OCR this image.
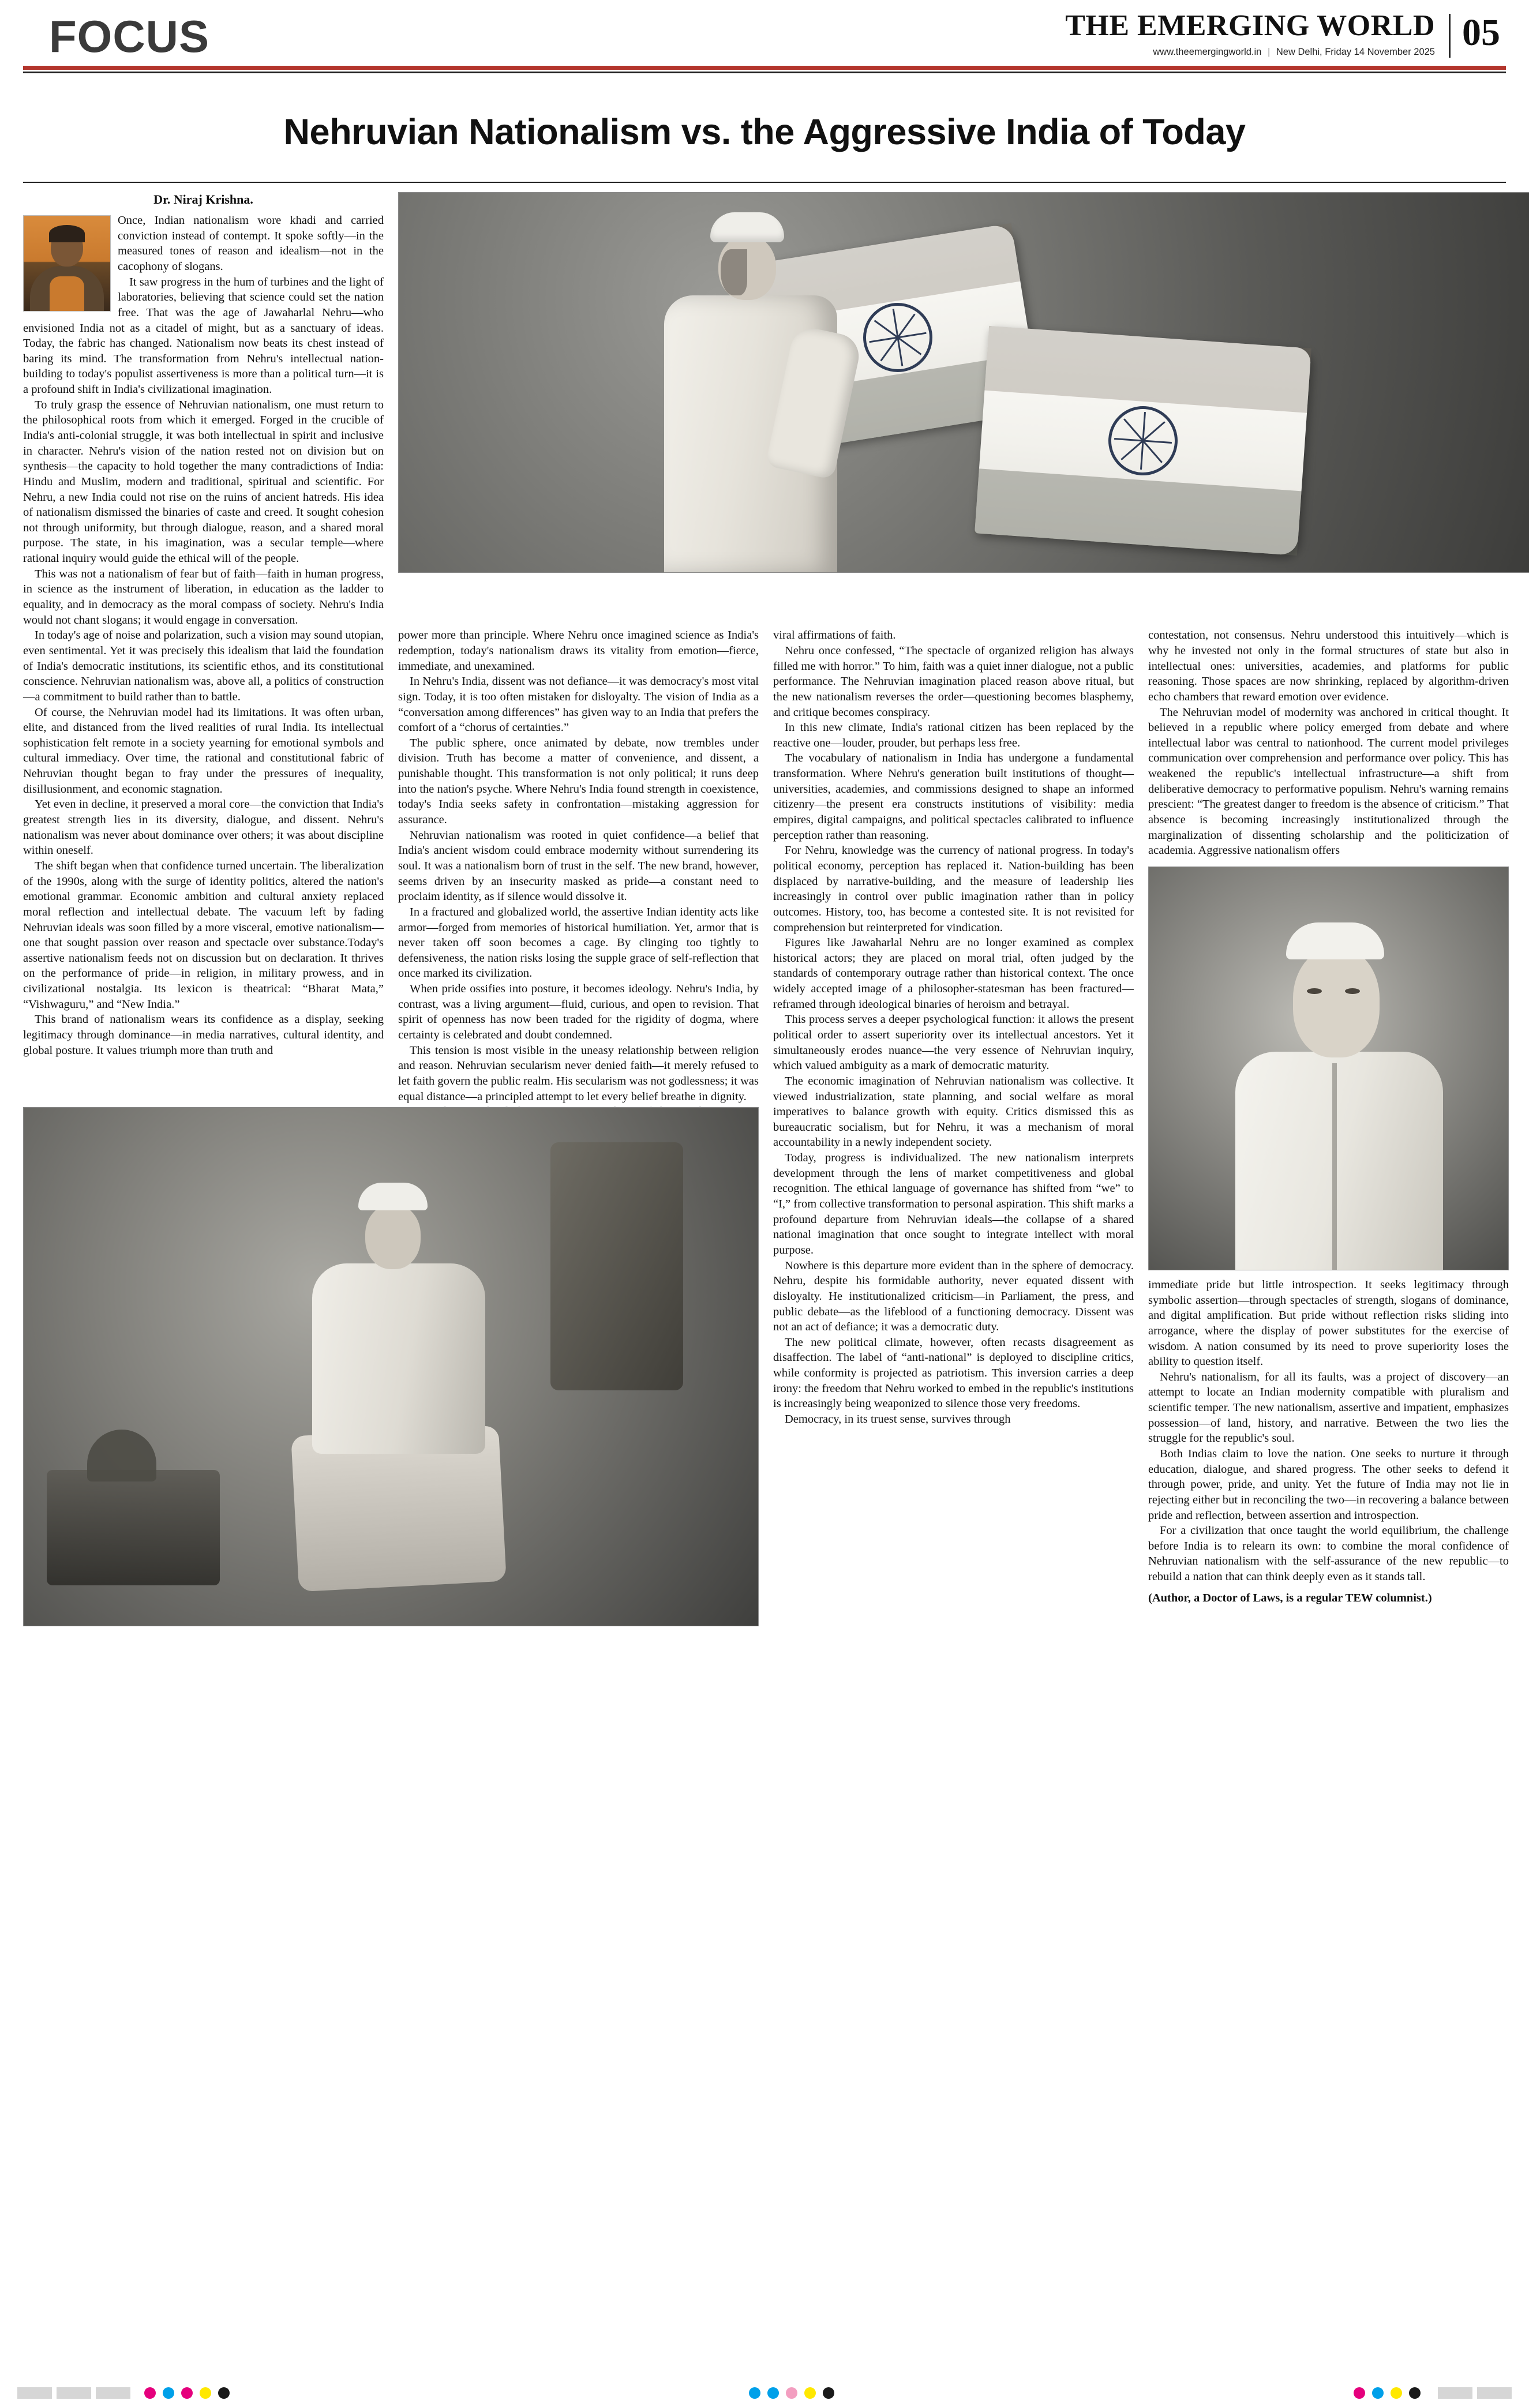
FOCUS	THE EMERGING WORLD
www.theemergingworld.in | New Delhi, Friday 14 November 2025 05
Nehruvian Nationalism vs. the Aggressive India of Today
Dr. Niraj Krishna.

Once, Indian nationalism wore khadi and carried conviction instead of contempt. It spoke softly—in the measured tones of reason and idealism—not in the cacophony of slogans.

It saw progress in the hum of turbines and the light of laboratories, believing that science could set the nation free. That was the age of Jawaharlal Nehru—who envisioned India not as a citadel of might, but as a sanctuary of ideas. Today, the fabric has changed. Nationalism now beats its chest instead of baring its mind. The transformation from Nehru's intellectual nation-building to today's populist assertiveness is more than a political turn—it is a profound shift in India's civilizational imagination.

To truly grasp the essence of Nehruvian nationalism, one must return to the philosophical roots from which it emerged. Forged in the crucible of India's anti-colonial struggle, it was both intellectual in spirit and inclusive in character. Nehru's vision of the nation rested not on division but on synthesis—the capacity to hold together the many contradictions of India: Hindu and Muslim, modern and traditional, spiritual and scientific. For Nehru, a new India could not rise on the ruins of ancient hatreds. His idea of nationalism dismissed the binaries of caste and creed. It sought cohesion not through uniformity, but through dialogue, reason, and a shared moral purpose. The state, in his imagination, was a secular temple—where rational inquiry would guide the ethical will of the people.

This was not a nationalism of fear but of faith—faith in human progress, in science as the instrument of liberation, in education as the ladder to equality, and in democracy as the moral compass of society. Nehru's India would not chant slogans; it would engage in conversation.

In today's age of noise and polarization, such a vision may sound utopian, even sentimental. Yet it was precisely this idealism that laid the foundation of India's democratic institutions, its scientific ethos, and its constitutional conscience. Nehruvian nationalism was, above all, a politics of construction—a commitment to build rather than to battle.

Of course, the Nehruvian model had its limitations. It was often urban, elite, and distanced from the lived realities of rural India. Its intellectual sophistication felt remote in a society yearning for emotional symbols and cultural immediacy. Over time, the rational and constitutional fabric of Nehruvian thought began to fray under the pressures of inequality, disillusionment, and economic stagnation.

Yet even in decline, it preserved a moral core—the conviction that India's greatest strength lies in its diversity, dialogue, and dissent. Nehru's nationalism was never about dominance over others; it was about discipline within oneself.

The shift began when that confidence turned uncertain. The liberalization of the 1990s, along with the surge of identity politics, altered the nation's emotional grammar. Economic ambition and cultural anxiety replaced moral reflection and intellectual debate. The vacuum left by fading Nehruvian ideals was soon filled by a more visceral, emotive nationalism—one that sought passion over reason and spectacle over substance.Today's assertive nationalism feeds not on discussion but on declaration. It thrives on the performance of pride—in religion, in military prowess, and in civilizational nostalgia. Its lexicon is theatrical: “Bharat Mata,” “Vishwaguru,” and “New India.”

This brand of nationalism wears its confidence as a display, seeking legitimacy through dominance—in media narratives, cultural identity, and global posture. It values triumph more than truth and

power more than principle. Where Nehru once imagined science as India's redemption, today's nationalism draws its vitality from emotion—fierce, immediate, and unexamined.

In Nehru's India, dissent was not defiance—it was democracy's most vital sign. Today, it is too often mistaken for disloyalty. The vision of India as a “conversation among differences” has given way to an India that prefers the comfort of a “chorus of certainties.”

The public sphere, once animated by debate, now trembles under division. Truth has become a matter of convenience, and dissent, a punishable thought. This transformation is not only political; it runs deep into the nation's psyche. Where Nehru's India found strength in coexistence, today's India seeks safety in confrontation—mistaking aggression for assurance.

Nehruvian nationalism was rooted in quiet confidence—a belief that India's ancient wisdom could embrace modernity without surrendering its soul. It was a nationalism born of trust in the self. The new brand, however, seems driven by an insecurity masked as pride—a constant need to proclaim identity, as if silence would dissolve it.

In a fractured and globalized world, the assertive Indian identity acts like armor—forged from memories of historical humiliation. Yet, armor that is never taken off soon becomes a cage. By clinging too tightly to defensiveness, the nation risks losing the supple grace of self-reflection that once marked its civilization.

When pride ossifies into posture, it becomes ideology. Nehru's India, by contrast, was a living argument—fluid, curious, and open to revision. That spirit of openness has now been traded for the rigidity of dogma, where certainty is celebrated and doubt condemned.

This tension is most visible in the uneasy relationship between religion and reason. Nehruvian secularism never denied faith—it merely refused to let faith govern the public realm. His secularism was not godlessness; it was equal distance—a principled attempt to let every belief breathe in dignity.

viral affirmations of faith.

Nehru once confessed, “The spectacle of organized religion has always filled me with horror.” To him, faith was a quiet inner dialogue, not a public performance. The Nehruvian imagination placed reason above ritual, but the new nationalism reverses the order—questioning becomes blasphemy, and critique becomes conspiracy.

In this new climate, India's rational citizen has been replaced by the reactive one—louder, prouder, but perhaps less free.

The vocabulary of nationalism in India has undergone a fundamental transformation. Where Nehru's generation built institutions of thought—universities, academies, and commissions designed to shape an informed citizenry—the present era constructs institutions of visibility: media empires, digital campaigns, and political spectacles calibrated to influence perception rather than reasoning.

For Nehru, knowledge was the currency of national progress. In today's political economy, perception has replaced it. Nation-building has been displaced by narrative-building, and the measure of leadership lies increasingly in control over public imagination rather than in policy outcomes. History, too, has become a contested site. It is not revisited for comprehension but reinterpreted for vindication.

Figures like Jawaharlal Nehru are no longer examined as complex historical actors; they are placed on moral trial, often judged by the standards of contemporary outrage rather than historical context. The once widely accepted image of a philosopher-statesman has been fractured—reframed through ideological binaries of heroism and betrayal.

This process serves a deeper psychological function: it allows the present political order to assert superiority over its intellectual ancestors. Yet it simultaneously erodes nuance—the very essence of Nehruvian inquiry, which valued ambiguity as a mark of democratic maturity.

The economic imagination of Nehruvian nationalism was collective. It viewed industrialization, state planning, and social welfare as moral imperatives to balance growth with equity. Critics dismissed this as bureaucratic socialism, but for Nehru, it was a mechanism of moral accountability in a newly independent society.

Today, progress is individualized. The new nationalism interprets development through the lens of market competitiveness and global recognition. The ethical language of governance has shifted from “we” to “I,” from collective transformation to personal aspiration. This shift marks a profound departure from Nehruvian ideals—the collapse of a shared national imagination that once sought to integrate intellect with moral purpose.

Nowhere is this departure more evident than in the sphere of democracy. Nehru, despite his formidable authority, never equated dissent with disloyalty. He institutionalized criticism—in Parliament, the press, and public debate—as the lifeblood of a functioning democracy. Dissent was not an act of defiance; it was a democratic duty.

The new political climate, however, often recasts disagreement as disaffection. The label of “anti-national” is deployed to discipline critics, while conformity is projected as patriotism. This inversion carries a deep irony: the freedom that Nehru worked to embed in the republic's institutions is increasingly being weaponized to silence those very freedoms.

Democracy, in its truest sense, survives through

contestation, not consensus. Nehru understood this intuitively—which is why he invested not only in the formal structures of state but also in intellectual ones: universities, academies, and platforms for public reasoning. Those spaces are now shrinking, replaced by algorithm-driven echo chambers that reward emotion over evidence.

The Nehruvian model of modernity was anchored in critical thought. It believed in a republic where policy emerged from debate and where intellectual labor was central to nationhood. The current model privileges communication over comprehension and performance over policy. This has weakened the republic's intellectual infrastructure—a shift from deliberative democracy to performative populism. Nehru's warning remains prescient: “The greatest danger to freedom is the absence of criticism.” That absence is becoming increasingly institutionalized through the marginalization of dissenting scholarship and the politicization of academia. Aggressive nationalism offers

immediate pride but little introspection. It seeks legitimacy through symbolic assertion—through spectacles of strength, slogans of dominance, and digital amplification. But pride without reflection risks sliding into arrogance, where the display of power substitutes for the exercise of wisdom. A nation consumed by its need to prove superiority loses the ability to question itself.

Nehru's nationalism, for all its faults, was a project of discovery—an attempt to locate an Indian modernity compatible with pluralism and scientific temper. The new nationalism, assertive and impatient, emphasizes possession—of land, history, and narrative. Between the two lies the struggle for the republic's soul.

Both Indias claim to love the nation. One seeks to nurture it through education, dialogue, and shared progress. The other seeks to defend it through power, pride, and unity. Yet the future of India may not lie in rejecting either but in reconciling the two—in recovering a balance between pride and reflection, between assertion and introspection.

For a civilization that once taught the world equilibrium, the challenge before India is to relearn its own: to combine the moral confidence of Nehruvian nationalism with the self-assurance of the new republic—to rebuild a nation that can think deeply even as it stands tall.

(Author, a Doctor of Laws, is a regular TEW columnist.)
